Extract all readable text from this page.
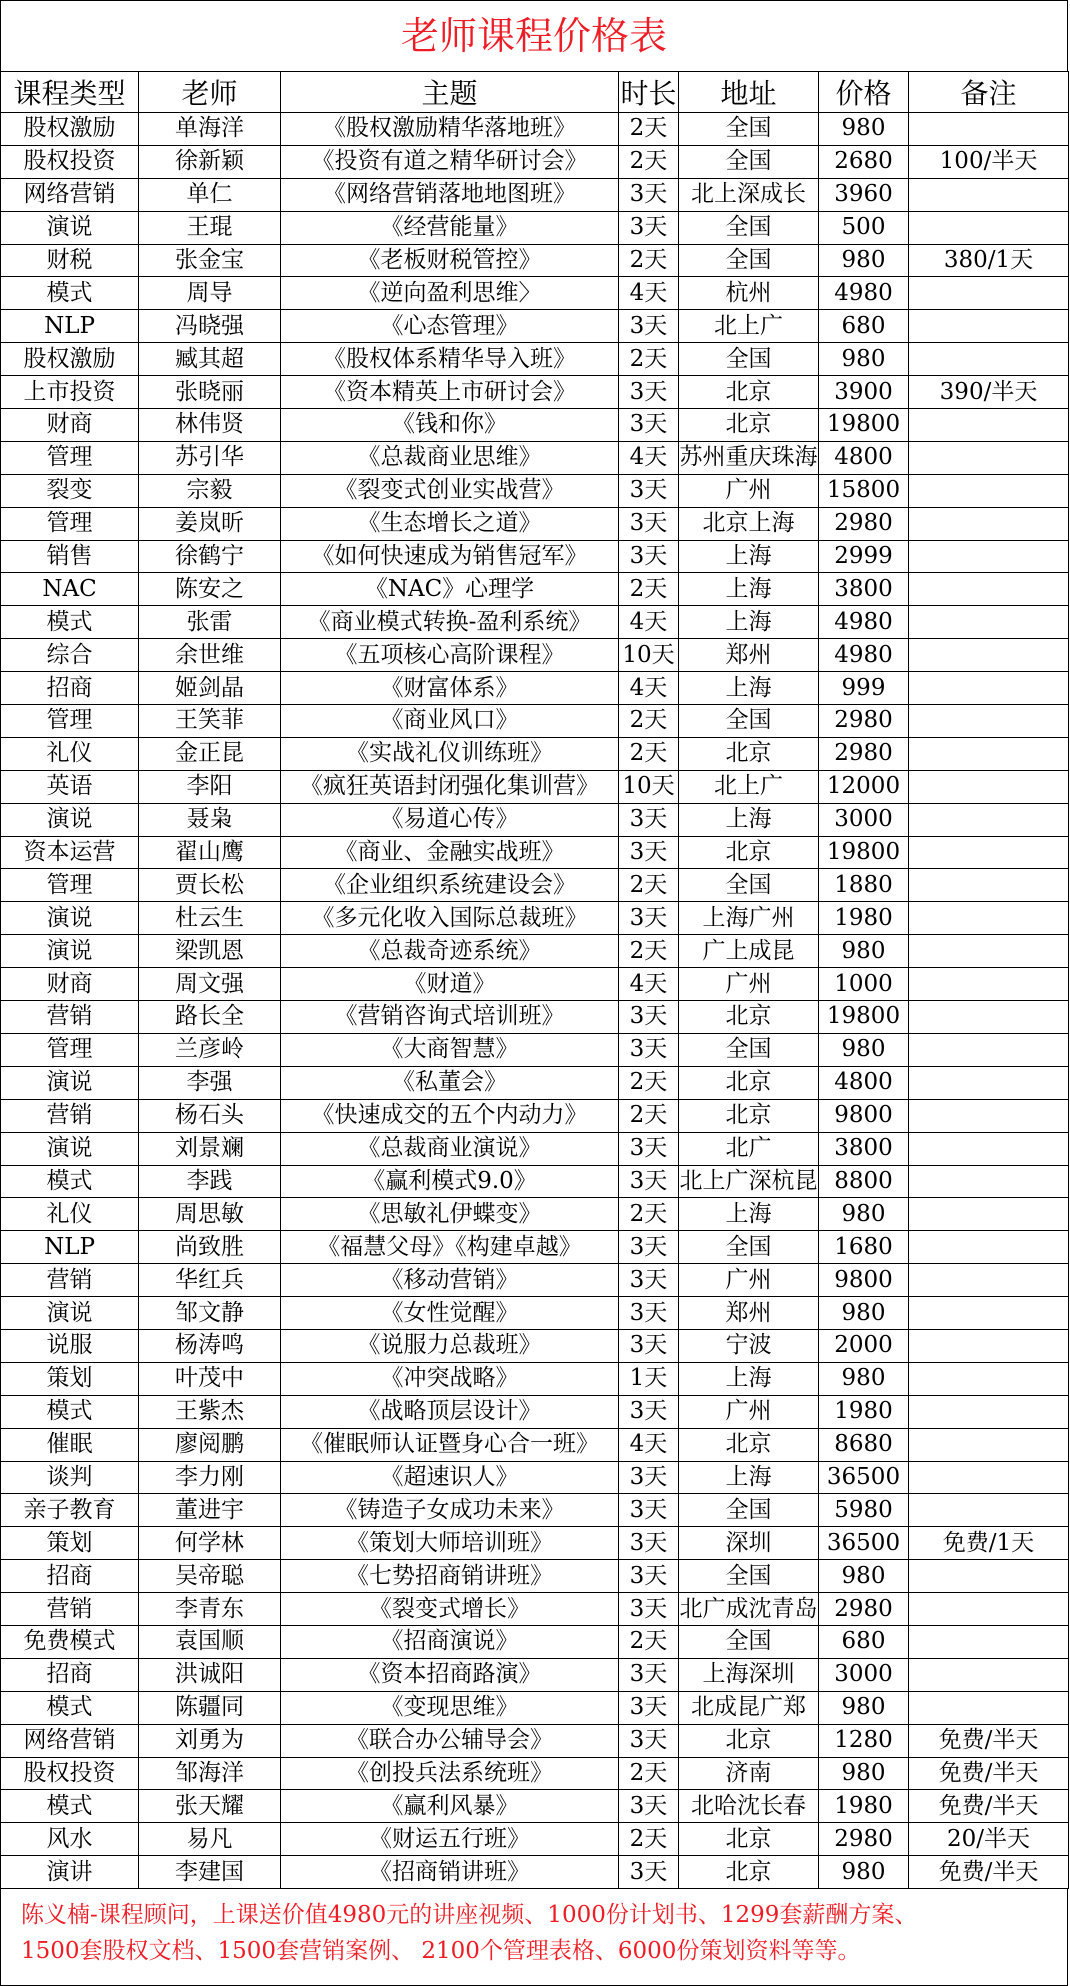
老师课程价格表
课程类型	老师	主题	时长	地址	价格	备注
股权激励	单海洋	《股权激励精华落地班》	2天	全国	980	
股权投资	徐新颖	《投资有道之精华研讨会》	2天	全国	2680	100/半天
网络营销	单仁	《网络营销落地地图班》	3天	北上深成长	3960	
演说	王琨	《经营能量》	3天	全国	500	
财税	张金宝	《老板财税管控》	2天	全国	980	380/1天
模式	周导	《逆向盈利思维〉	4天	杭州	4980	
NLP	冯晓强	《心态管理》	3天	北上广	680	
股权激励	臧其超	《股权体系精华导入班》	2天	全国	980	
上市投资	张晓丽	《资本精英上市研讨会》	3天	北京	3900	390/半天
财商	林伟贤	《钱和你》	3天	北京	19800	
管理	苏引华	《总裁商业思维》	4天	苏州重庆珠海	4800	
裂变	宗毅	《裂变式创业实战营》	3天	广州	15800	
管理	姜岚昕	《生态增长之道》	3天	北京上海	2980	
销售	徐鹤宁	《如何快速成为销售冠军》	3天	上海	2999	
NAC	陈安之	《NAC》心理学	2天	上海	3800	
模式	张雷	《商业模式转换-盈利系统》	4天	上海	4980	
综合	余世维	《五项核心高阶课程》	10天	郑州	4980	
招商	姬剑晶	《财富体系》	4天	上海	999	
管理	王笑菲	《商业风口》	2天	全国	2980	
礼仪	金正昆	《实战礼仪训练班》	2天	北京	2980	
英语	李阳	《疯狂英语封闭强化集训营》	10天	北上广	12000	
演说	聂枭	《易道心传》	3天	上海	3000	
资本运营	翟山鹰	《商业、金融实战班》	3天	北京	19800	
管理	贾长松	《企业组织系统建设会》	2天	全国	1880	
演说	杜云生	《多元化收入国际总裁班》	3天	上海广州	1980	
演说	梁凯恩	《总裁奇迹系统》	2天	广上成昆	980	
财商	周文强	《财道》	4天	广州	1000	
营销	路长全	《营销咨询式培训班》	3天	北京	19800	
管理	兰彦岭	《大商智慧》	3天	全国	980	
演说	李强	《私董会》	2天	北京	4800	
营销	杨石头	《快速成交的五个内动力》	2天	北京	9800	
演说	刘景斓	《总裁商业演说》	3天	北广	3800	
模式	李践	《赢利模式9.0》	3天	北上广深杭昆	8800	
礼仪	周思敏	《思敏礼伊蝶变》	2天	上海	980	
NLP	尚致胜	《福慧父母》《构建卓越》	3天	全国	1680	
营销	华红兵	《移动营销》	3天	广州	9800	
演说	邹文静	《女性觉醒》	3天	郑州	980	
说服	杨涛鸣	《说服力总裁班》	3天	宁波	2000	
策划	叶茂中	《冲突战略》	1天	上海	980	
模式	王紫杰	《战略顶层设计》	3天	广州	1980	
催眠	廖阅鹏	《催眠师认证暨身心合一班》	4天	北京	8680	
谈判	李力刚	《超速识人》	3天	上海	36500	
亲子教育	董进宇	《铸造子女成功未来》	3天	全国	5980	
策划	何学林	《策划大师培训班》	3天	深圳	36500	免费/1天
招商	吴帝聪	《七势招商销讲班》	3天	全国	980	
营销	李青东	《裂变式增长》	3天	北广成沈青岛	2980	
免费模式	袁国顺	《招商演说》	2天	全国	680	
招商	洪诚阳	《资本招商路演》	3天	上海深圳	3000	
模式	陈疆同	《变现思维》	3天	北成昆广郑	980	
网络营销	刘勇为	《联合办公辅导会》	3天	北京	1280	免费/半天
股权投资	邹海洋	《创投兵法系统班》	2天	济南	980	免费/半天
模式	张天耀	《赢利风暴》	3天	北哈沈长春	1980	免费/半天
风水	易凡	《财运五行班》	2天	北京	2980	20/半天
演讲	李建国	《招商销讲班》	3天	北京	980	免费/半天
陈义楠-课程顾问，上课送价值4980元的讲座视频、1000份计划书、1299套薪酬方案、
1500套股权文档、1500套营销案例、 2100个管理表格、6000份策划资料等等。
